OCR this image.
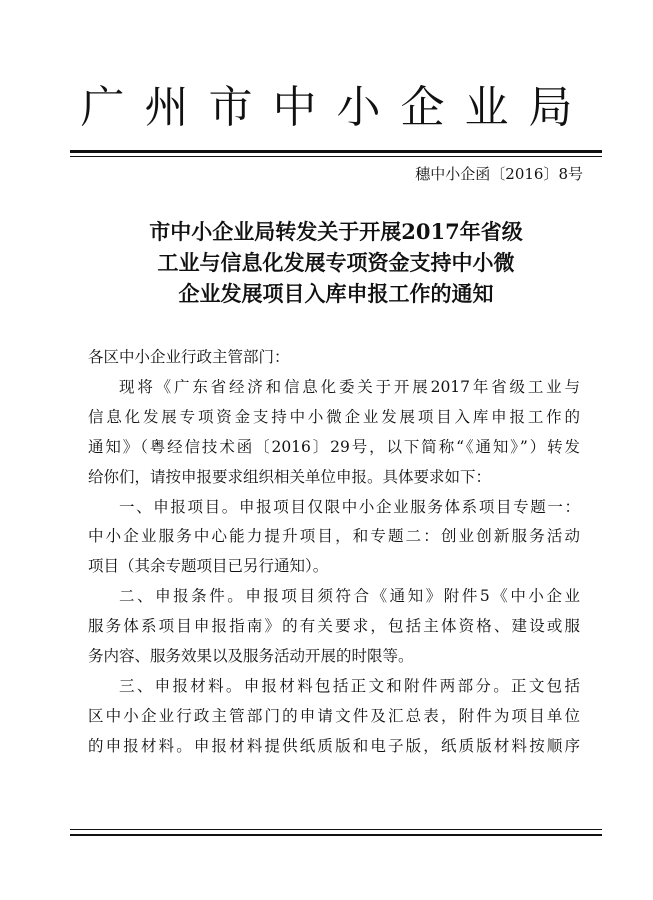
广州市中小企业局
穗中小企函〔2016〕8号
市中小企业局转发关于开展2017年省级
工业与信息化发展专项资金支持中小微
企业发展项目入库申报工作的通知
各区中小企业行政主管部门：
现将《广东省经济和信息化委关于开展2017年省级工业与
信息化发展专项资金支持中小微企业发展项目入库申报工作的
通知》（粤经信技术函〔2016〕29号，以下简称“《通知》”）转发
给你们，请按申报要求组织相关单位申报。具体要求如下：
一、申报项目。申报项目仅限中小企业服务体系项目专题一：
中小企业服务中心能力提升项目，和专题二：创业创新服务活动
项目（其余专题项目已另行通知）。
二、申报条件。申报项目须符合《通知》附件5《中小企业
服务体系项目申报指南》的有关要求，包括主体资格、建设或服
务内容、服务效果以及服务活动开展的时限等。
三、申报材料。申报材料包括正文和附件两部分。正文包括
区中小企业行政主管部门的申请文件及汇总表，附件为项目单位
的申报材料。申报材料提供纸质版和电子版，纸质版材料按顺序
